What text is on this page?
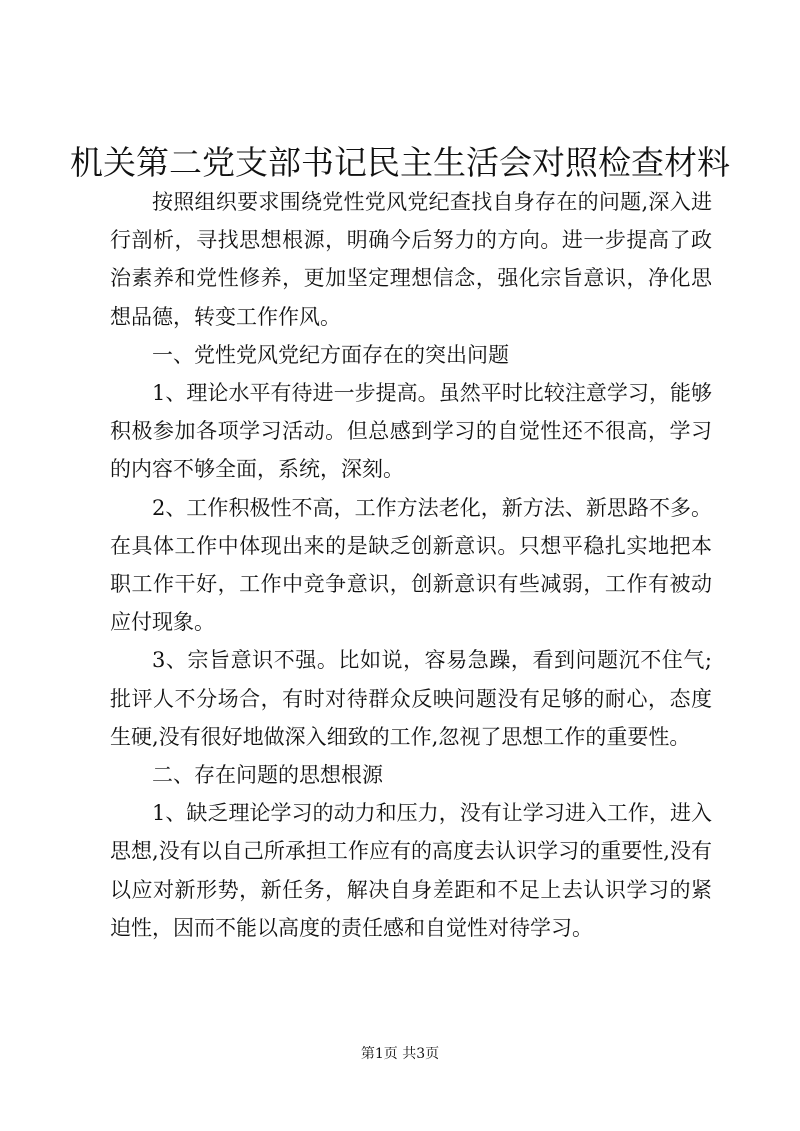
机关第二党支部书记民主生活会对照检查材料

按照组织要求围绕党性党风党纪查找自身存在的问题,深入进行剖析，寻找思想根源，明确今后努力的方向。进一步提高了政治素养和党性修养，更加坚定理想信念，强化宗旨意识，净化思想品德，转变工作作风。

一、党性党风党纪方面存在的突出问题

1、理论水平有待进一步提高。虽然平时比较注意学习，能够积极参加各项学习活动。但总感到学习的自觉性还不很高，学习的内容不够全面，系统，深刻。

2、工作积极性不高，工作方法老化，新方法、新思路不多。在具体工作中体现出来的是缺乏创新意识。只想平稳扎实地把本职工作干好，工作中竞争意识，创新意识有些减弱，工作有被动应付现象。

3、宗旨意识不强。比如说，容易急躁，看到问题沉不住气;批评人不分场合，有时对待群众反映问题没有足够的耐心，态度生硬,没有很好地做深入细致的工作,忽视了思想工作的重要性。

二、存在问题的思想根源

1、缺乏理论学习的动力和压力，没有让学习进入工作，进入思想,没有以自己所承担工作应有的高度去认识学习的重要性,没有以应对新形势，新任务，解决自身差距和不足上去认识学习的紧迫性，因而不能以高度的责任感和自觉性对待学习。

第1页 共3页
